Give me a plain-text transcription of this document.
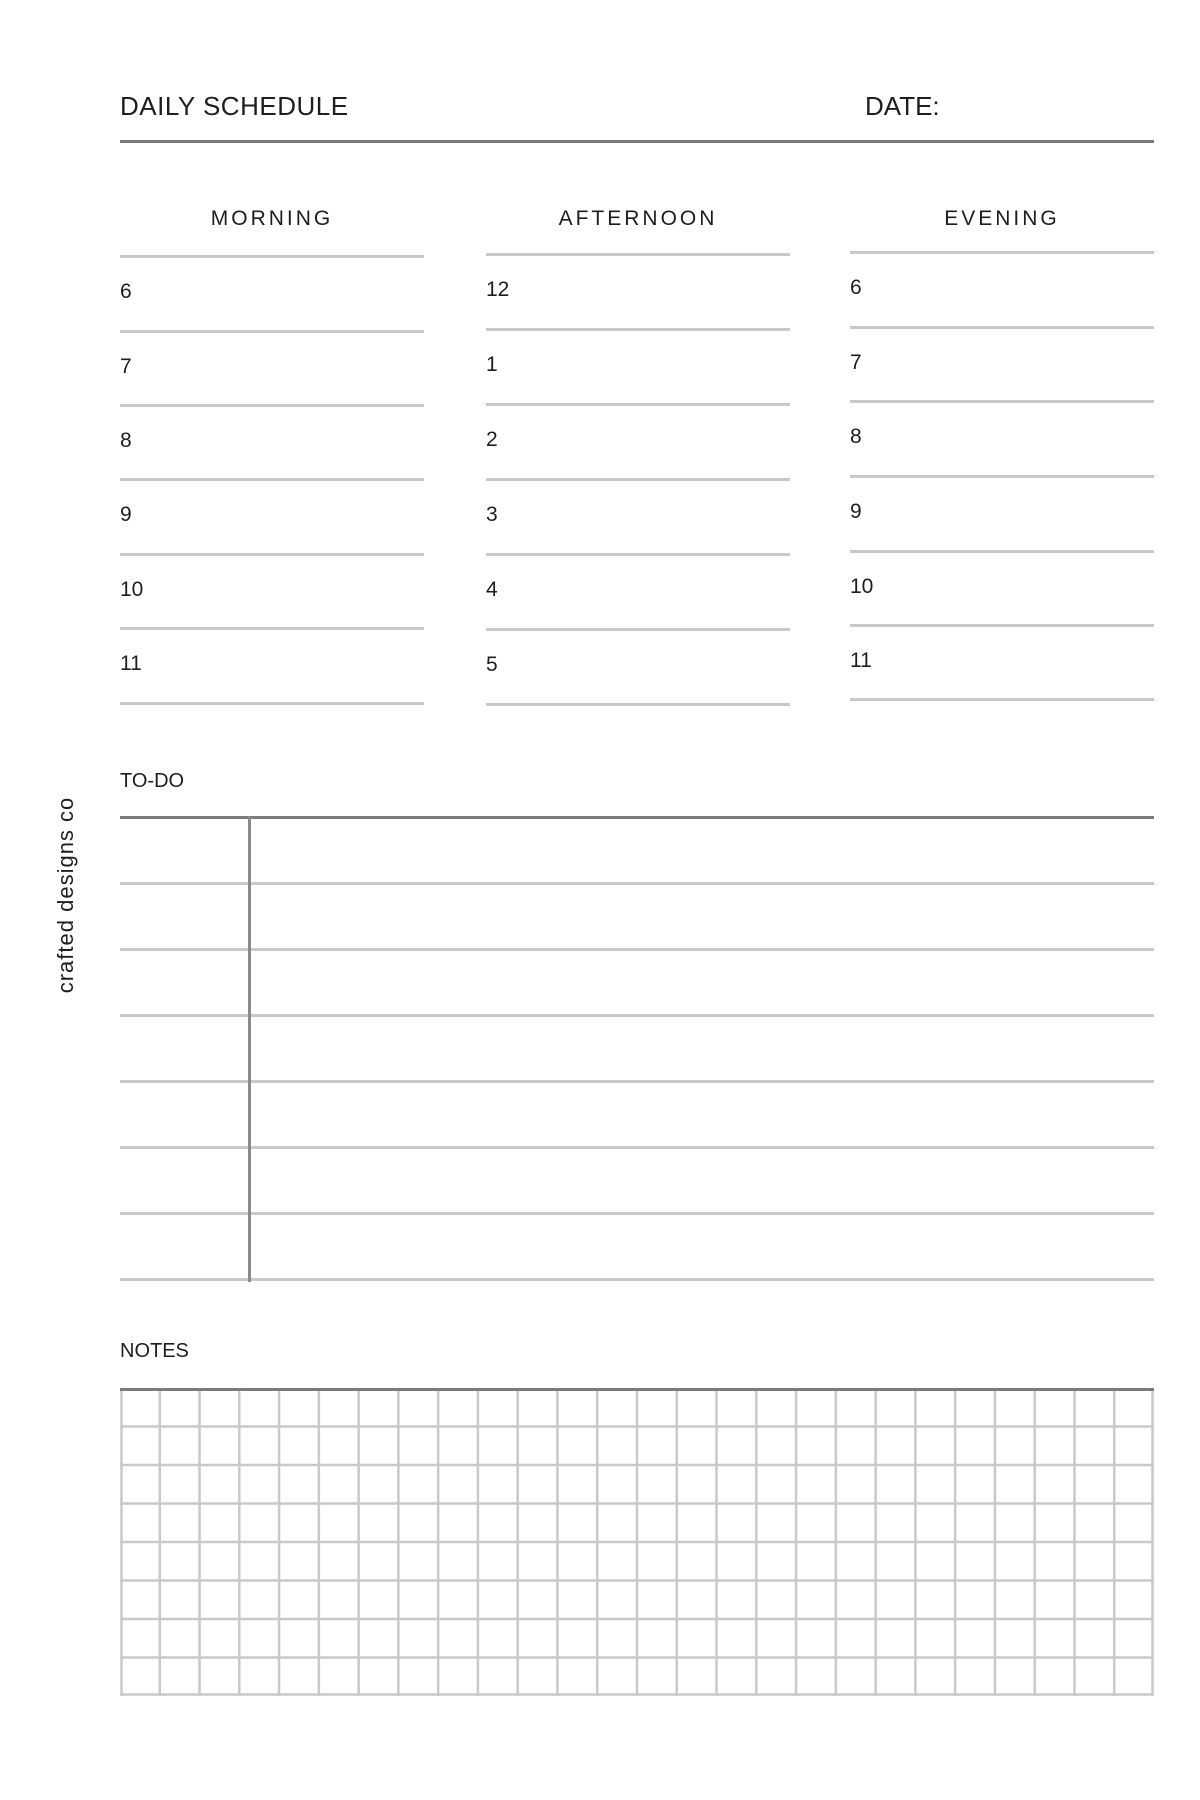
DAILY SCHEDULE	DATE:
MORNING
6
7
8
9
10
11
AFTERNOON
12
1
2
3
4
5
EVENING
6
7
8
9
10
11
TO-DO
NOTES
crafted designs co
